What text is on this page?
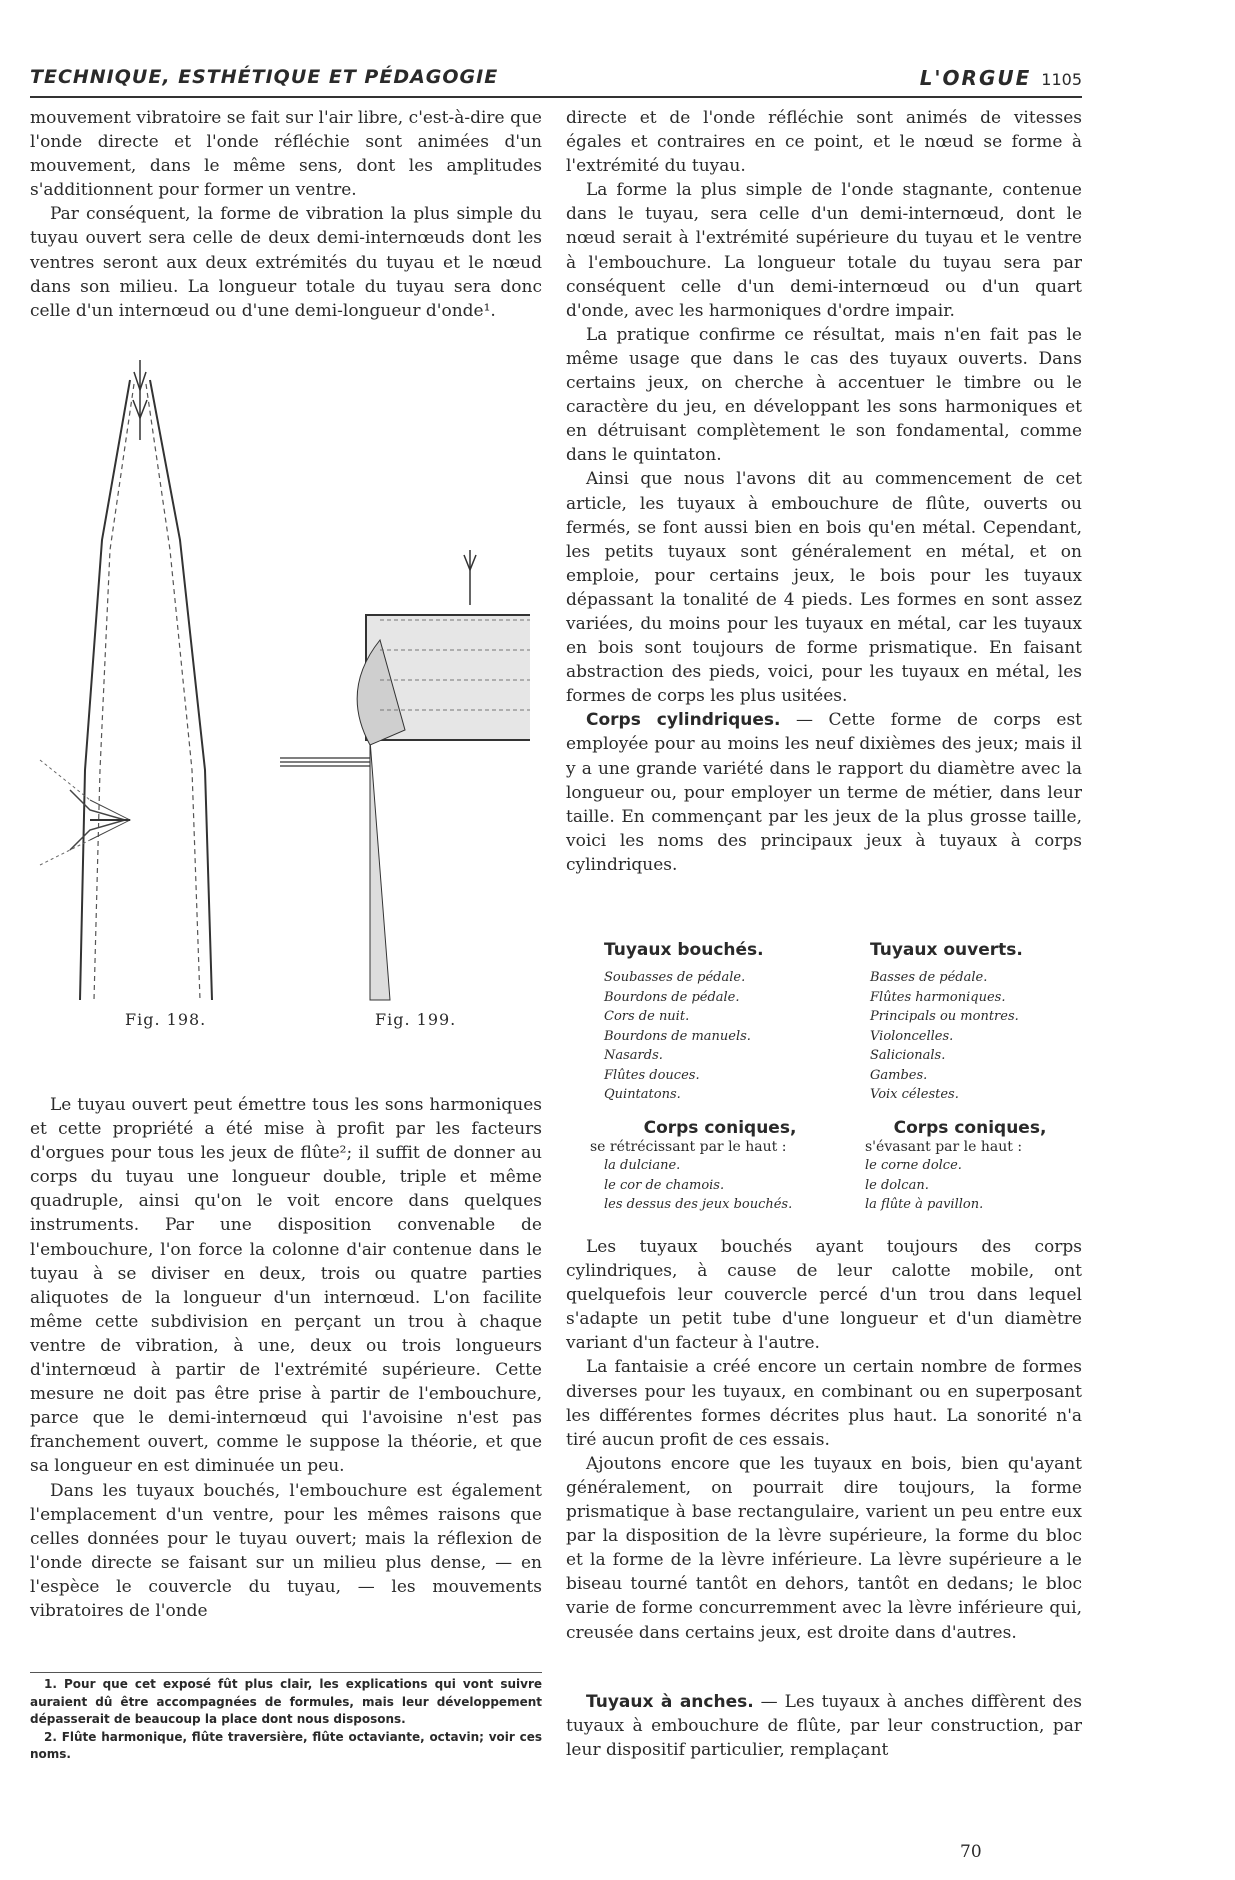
TECHNIQUE, ESTHÉTIQUE ET PÉDAGOGIE	L'ORGUE 1105

mouvement vibratoire se fait sur l'air libre, c'est-à-dire que l'onde directe et l'onde réfléchie sont animées d'un mouvement, dans le même sens, dont les amplitudes s'additionnent pour former un ventre.

Par conséquent, la forme de vibration la plus simple du tuyau ouvert sera celle de deux demi-internœuds dont les ventres seront aux deux extrémités du tuyau et le nœud dans son milieu. La longueur totale du tuyau sera donc celle d'un internœud ou d'une demi-longueur d'onde¹.

Fig. 198.	Fig. 199.

Le tuyau ouvert peut émettre tous les sons harmoniques et cette propriété a été mise à profit par les facteurs d'orgues pour tous les jeux de flûte²; il suffit de donner au corps du tuyau une longueur double, triple et même quadruple, ainsi qu'on le voit encore dans quelques instruments. Par une disposition convenable de l'embouchure, l'on force la colonne d'air contenue dans le tuyau à se diviser en deux, trois ou quatre parties aliquotes de la longueur d'un internœud. L'on facilite même cette subdivision en perçant un trou à chaque ventre de vibration, à une, deux ou trois longueurs d'internœud à partir de l'extrémité supérieure. Cette mesure ne doit pas être prise à partir de l'embouchure, parce que le demi-internœud qui l'avoisine n'est pas franchement ouvert, comme le suppose la théorie, et que sa longueur en est diminuée un peu.

Dans les tuyaux bouchés, l'embouchure est également l'emplacement d'un ventre, pour les mêmes raisons que celles données pour le tuyau ouvert; mais la réflexion de l'onde directe se faisant sur un milieu plus dense, — en l'espèce le couvercle du tuyau, — les mouvements vibratoires de l'onde

1. Pour que cet exposé fût plus clair, les explications qui vont suivre auraient dû être accompagnées de formules, mais leur développement dépasserait de beaucoup la place dont nous disposons.

2. Flûte harmonique, flûte traversière, flûte octaviante, octavin; voir ces noms.

directe et de l'onde réfléchie sont animés de vitesses égales et contraires en ce point, et le nœud se forme à l'extrémité du tuyau.

La forme la plus simple de l'onde stagnante, contenue dans le tuyau, sera celle d'un demi-internœud, dont le nœud serait à l'extrémité supérieure du tuyau et le ventre à l'embouchure. La longueur totale du tuyau sera par conséquent celle d'un demi-internœud ou d'un quart d'onde, avec les harmoniques d'ordre impair.

La pratique confirme ce résultat, mais n'en fait pas le même usage que dans le cas des tuyaux ouverts. Dans certains jeux, on cherche à accentuer le timbre ou le caractère du jeu, en développant les sons harmoniques et en détruisant complètement le son fondamental, comme dans le quintaton.

Ainsi que nous l'avons dit au commencement de cet article, les tuyaux à embouchure de flûte, ouverts ou fermés, se font aussi bien en bois qu'en métal. Cependant, les petits tuyaux sont généralement en métal, et on emploie, pour certains jeux, le bois pour les tuyaux dépassant la tonalité de 4 pieds. Les formes en sont assez variées, du moins pour les tuyaux en métal, car les tuyaux en bois sont toujours de forme prismatique. En faisant abstraction des pieds, voici, pour les tuyaux en métal, les formes de corps les plus usitées.

Corps cylindriques. — Cette forme de corps est employée pour au moins les neuf dixièmes des jeux; mais il y a une grande variété dans le rapport du diamètre avec la longueur ou, pour employer un terme de métier, dans leur taille. En commençant par les jeux de la plus grosse taille, voici les noms des principaux jeux à tuyaux à corps cylindriques.

Tuyaux bouchés.
Soubasses de pédale.
Bourdons de pédale.
Cors de nuit.
Bourdons de manuels.
Nasards.
Flûtes douces.
Quintatons.
Tuyaux ouverts.
Basses de pédale.
Flûtes harmoniques.
Principals ou montres.
Violoncelles.
Salicionals.
Gambes.
Voix célestes.
Corps coniques,
se rétrécissant par le haut :
la dulciane.
le cor de chamois.
les dessus des jeux bouchés.
Corps coniques,
s'évasant par le haut :
le corne dolce.
le dolcan.
la flûte à pavillon.

Les tuyaux bouchés ayant toujours des corps cylindriques, à cause de leur calotte mobile, ont quelquefois leur couvercle percé d'un trou dans lequel s'adapte un petit tube d'une longueur et d'un diamètre variant d'un facteur à l'autre.

La fantaisie a créé encore un certain nombre de formes diverses pour les tuyaux, en combinant ou en superposant les différentes formes décrites plus haut. La sonorité n'a tiré aucun profit de ces essais.

Ajoutons encore que les tuyaux en bois, bien qu'ayant généralement, on pourrait dire toujours, la forme prismatique à base rectangulaire, varient un peu entre eux par la disposition de la lèvre supérieure, la forme du bloc et la forme de la lèvre inférieure. La lèvre supérieure a le biseau tourné tantôt en dehors, tantôt en dedans; le bloc varie de forme concurremment avec la lèvre inférieure qui, creusée dans certains jeux, est droite dans d'autres.

Tuyaux à anches. — Les tuyaux à anches diffèrent des tuyaux à embouchure de flûte, par leur construction, par leur dispositif particulier, remplaçant

70
